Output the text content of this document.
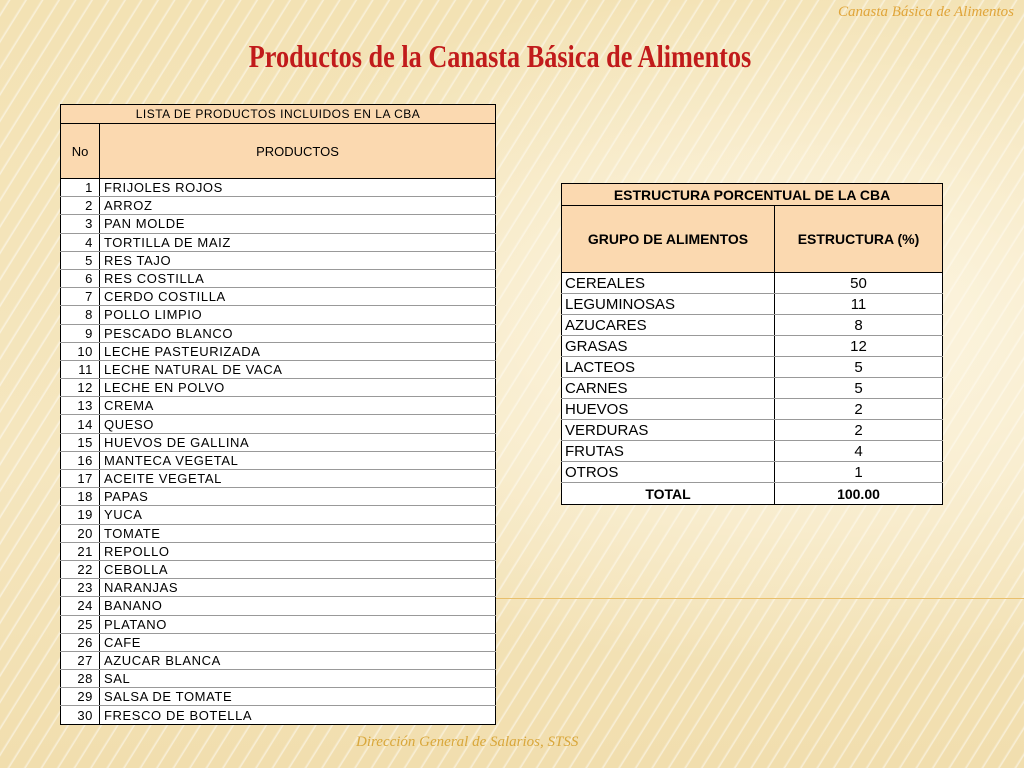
Canasta Básica de Alimentos
Productos de la Canasta Básica de Alimentos
LISTA DE PRODUCTOS INCLUIDOS EN LA CBA	
No	PRODUCTOS
1	FRIJOLES ROJOS
2	ARROZ
3	PAN MOLDE
4	TORTILLA DE MAIZ
5	RES TAJO
6	RES COSTILLA
7	CERDO COSTILLA
8	POLLO LIMPIO
9	PESCADO BLANCO
10	LECHE PASTEURIZADA
11	LECHE NATURAL DE VACA
12	LECHE EN POLVO
13	CREMA
14	QUESO
15	HUEVOS DE GALLINA
16	MANTECA VEGETAL
17	ACEITE VEGETAL
18	PAPAS
19	YUCA
20	TOMATE
21	REPOLLO
22	CEBOLLA
23	NARANJAS
24	BANANO
25	PLATANO
26	CAFE
27	AZUCAR BLANCA
28	SAL
29	SALSA DE TOMATE
30	FRESCO DE BOTELLA
ESTRUCTURA PORCENTUAL DE LA CBA	
GRUPO DE ALIMENTOS	ESTRUCTURA (%)
CEREALES	50
LEGUMINOSAS	11
AZUCARES	8
GRASAS	12
LACTEOS	5
CARNES	5
HUEVOS	2
VERDURAS	2
FRUTAS	4
OTROS	1
TOTAL	100.00
Dirección General de Salarios, STSS
